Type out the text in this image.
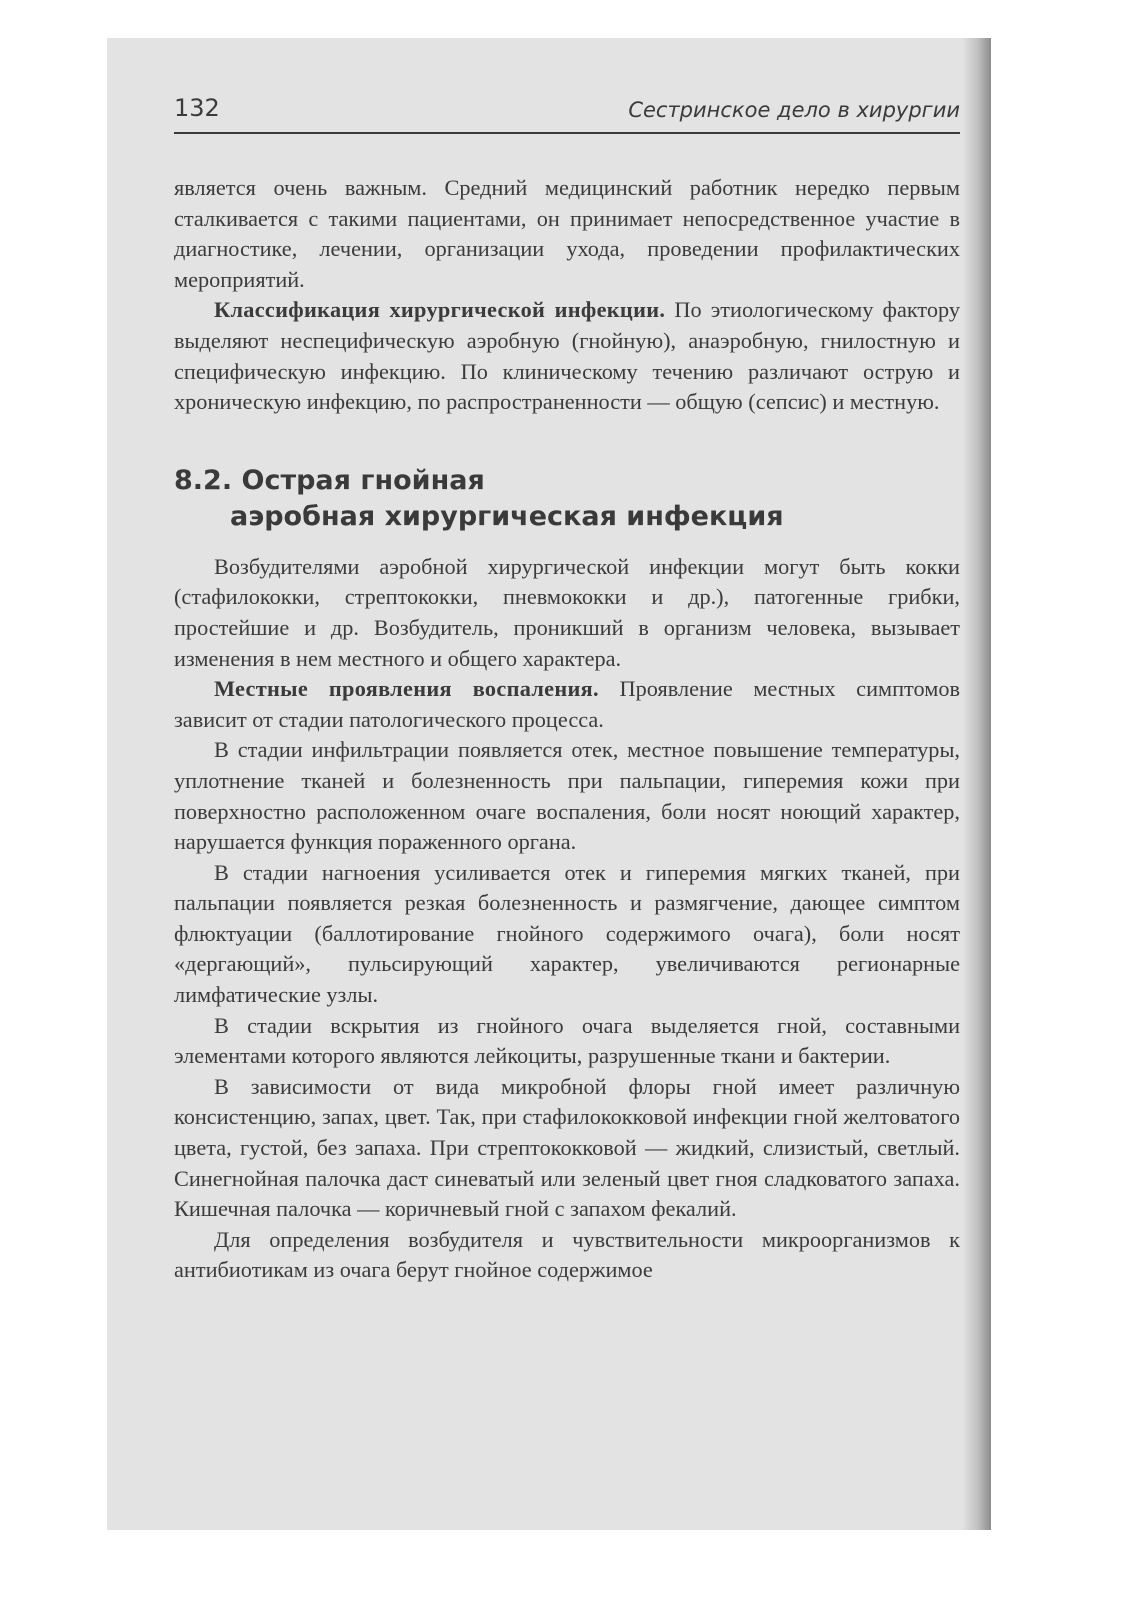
132	Сестринское дело в хирургии

является очень важным. Средний медицинский работник нередко первым сталкивается с такими пациентами, он принимает непосредственное участие в диагностике, лечении, организации ухода, проведении профилактических мероприятий.

Классификация хирургической инфекции. По этиологическому фактору выделяют неспецифическую аэробную (гнойную), анаэробную, гнилостную и специфическую инфекцию. По клиническому течению различают острую и хроническую инфекцию, по распространенности — общую (сепсис) и местную.

8.2. Острая гнойная
аэробная хирургическая инфекция

Возбудителями аэробной хирургической инфекции могут быть кокки (стафилококки, стрептококки, пневмококки и др.), патогенные грибки, простейшие и др. Возбудитель, проникший в организм человека, вызывает изменения в нем местного и общего характера.

Местные проявления воспаления. Проявление местных симптомов зависит от стадии патологического процесса.

В стадии инфильтрации появляется отек, местное повышение температуры, уплотнение тканей и болезненность при пальпации, гиперемия кожи при поверхностно расположенном очаге воспаления, боли носят ноющий характер, нарушается функция пораженного органа.

В стадии нагноения усиливается отек и гиперемия мягких тканей, при пальпации появляется резкая болезненность и размягчение, дающее симптом флюктуации (баллотирование гнойного содержимого очага), боли носят «дергающий», пульсирующий характер, увеличиваются регионарные лимфатические узлы.

В стадии вскрытия из гнойного очага выделяется гной, составными элементами которого являются лейкоциты, разрушенные ткани и бактерии.

В зависимости от вида микробной флоры гной имеет различную консистенцию, запах, цвет. Так, при стафилококковой инфекции гной желтоватого цвета, густой, без запаха. При стрептококковой — жидкий, слизистый, светлый. Синегнойная палочка даст синеватый или зеленый цвет гноя сладковатого запаха. Кишечная палочка — коричневый гной с запахом фекалий.

Для определения возбудителя и чувствительности микроорганизмов к антибиотикам из очага берут гнойное содержимое
